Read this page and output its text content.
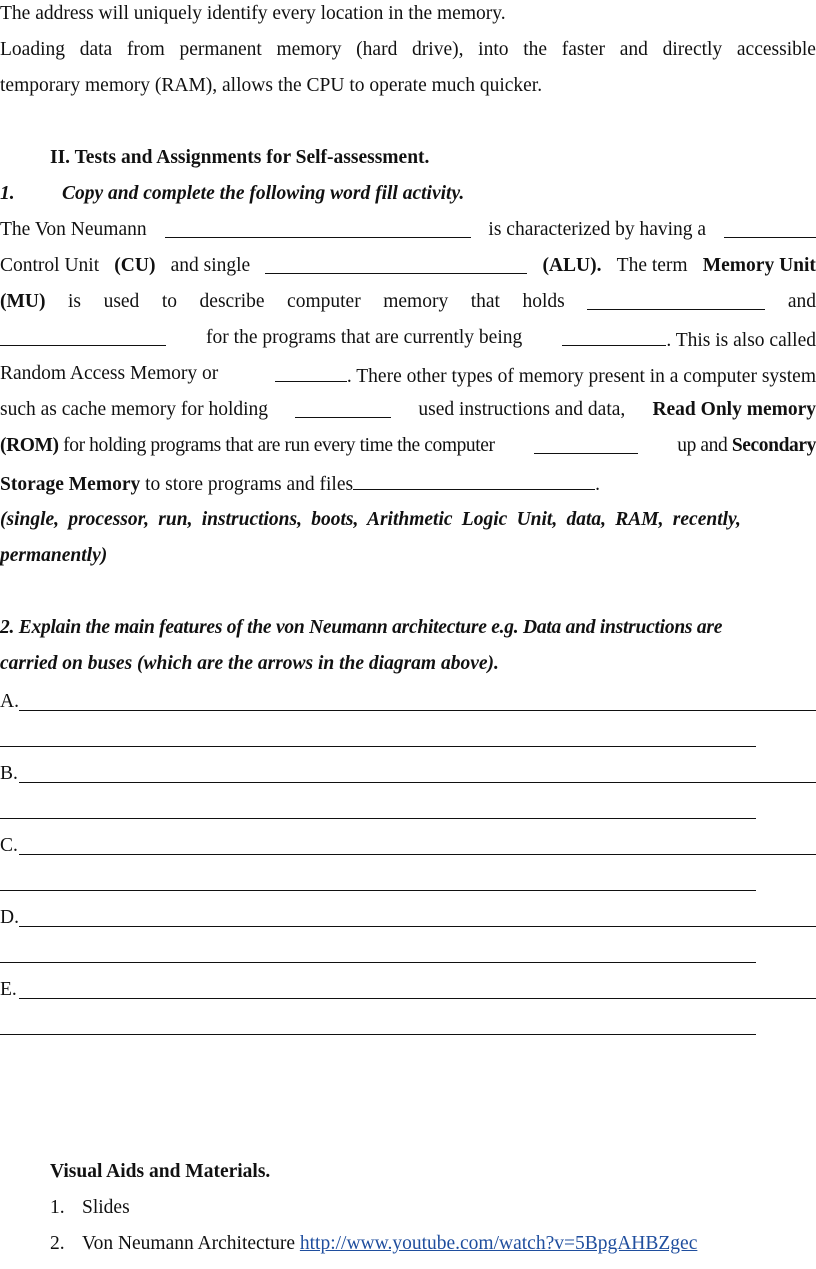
The address will uniquely identify every location in the memory.
Loading data from permanent memory (hard drive), into the faster and directly accessible
temporary memory (RAM), allows the CPU to operate much quicker.
II. Tests and Assignments for Self-assessment.
1. Copy and complete the following word fill activity.
The Von Neumann	is characterized by having a
Control Unit (CU) and single	(ALU). The term Memory Unit
(MU) is used to describe computer memory that holds	and
for the programs that are currently being	. This is also called
Random Access Memory or	. There other types of memory present in a computer system
such as cache memory for holding	used instructions and data, Read Only memory
(ROM) for holding programs that are run every time the computer	up and Secondary
Storage Memory to store programs and files	.
(single, processor, run, instructions, boots, Arithmetic Logic Unit, data, RAM, recently,
permanently)
2. Explain the main features of the von Neumann architecture e.g. Data and instructions are
carried on buses (which are the arrows in the diagram above).
A.
B.
C.
D.
E.
Visual Aids and Materials.
1. Slides
2. Von Neumann Architecture http://www.youtube.com/watch?v=5BpgAHBZgec
